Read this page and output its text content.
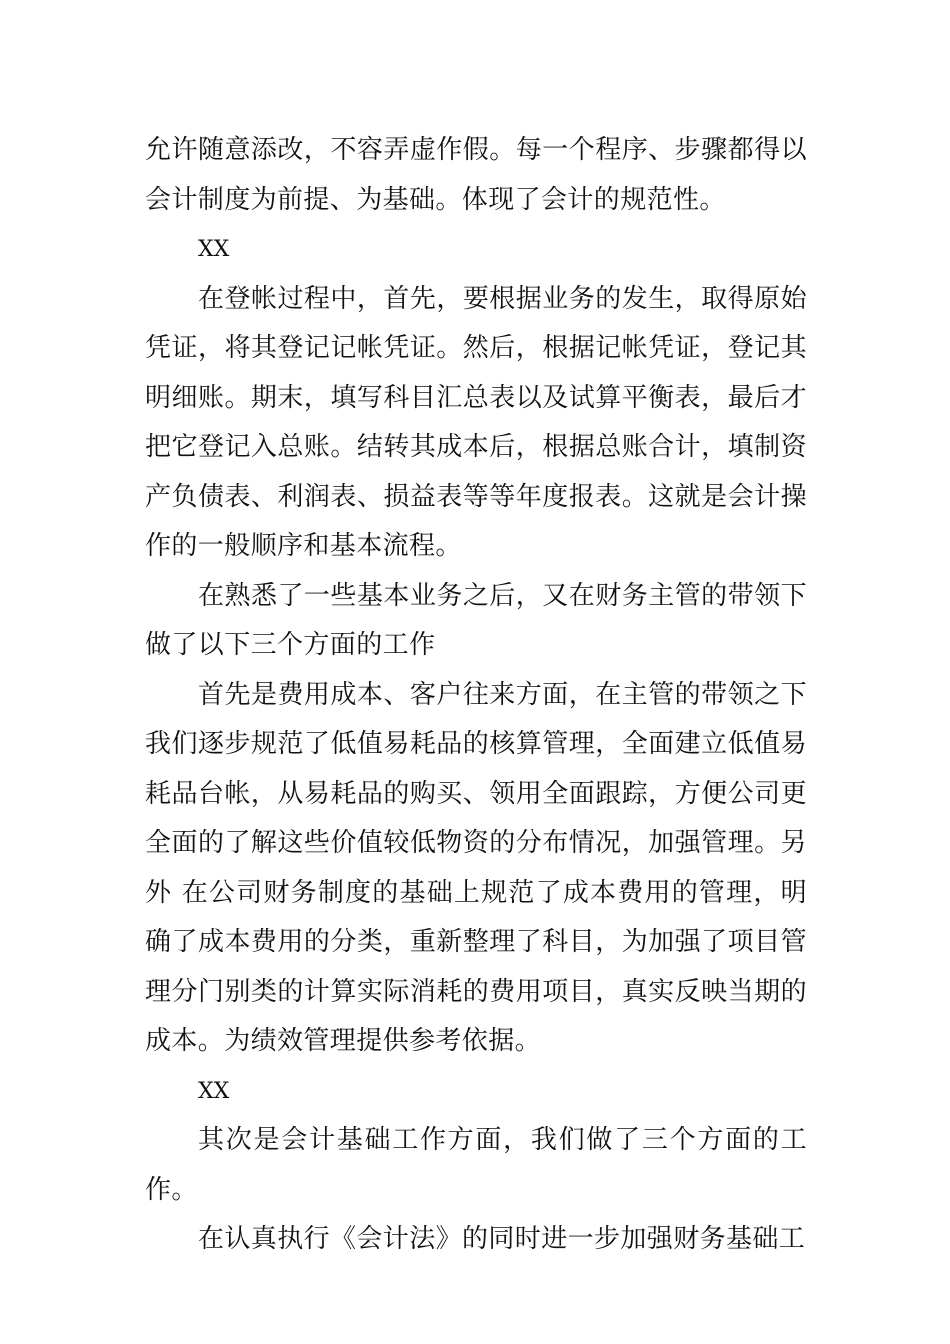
允许随意添改，不容弄虚作假。每一个程序、步骤都得以会计制度为前提、为基础。体现了会计的规范性。

XX

在登帐过程中，首先，要根据业务的发生，取得原始凭证，将其登记记帐凭证。然后，根据记帐凭证，登记其明细账。期末，填写科目汇总表以及试算平衡表，最后才把它登记入总账。结转其成本后，根据总账合计，填制资产负债表、利润表、损益表等等年度报表。这就是会计操作的一般顺序和基本流程。

在熟悉了一些基本业务之后，又在财务主管的带领下做了以下三个方面的工作

首先是费用成本、客户往来方面，在主管的带领之下我们逐步规范了低值易耗品的核算管理，全面建立低值易耗品台帐，从易耗品的购买、领用全面跟踪，方便公司更全面的了解这些价值较低物资的分布情况，加强管理。另外 在公司财务制度的基础上规范了成本费用的管理，明确了成本费用的分类，重新整理了科目，为加强了项目管理分门别类的计算实际消耗的费用项目，真实反映当期的成本。为绩效管理提供参考依据。

XX

其次是会计基础工作方面，我们做了三个方面的工作。

在认真执行《会计法》的同时进一步加强财务基础工
